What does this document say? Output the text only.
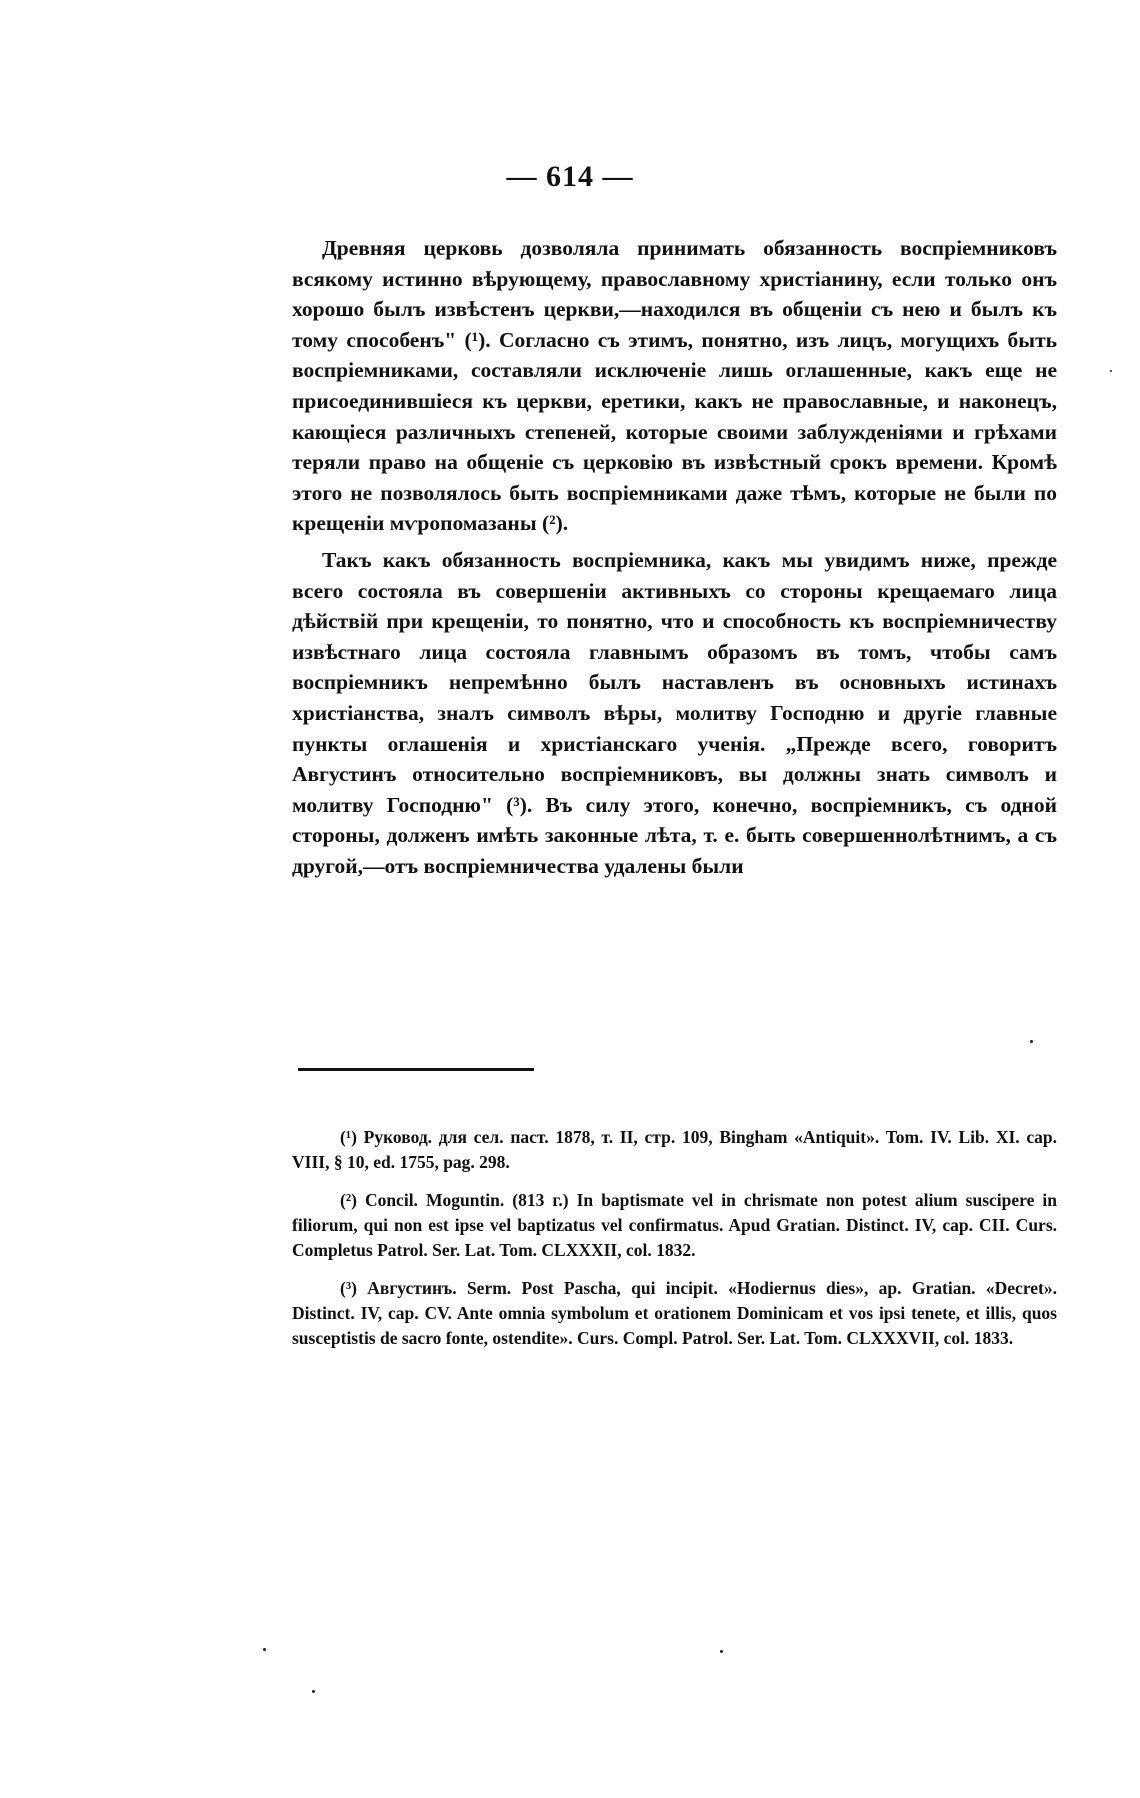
— 614 —

Древняя церковь дозволяла принимать обязанность воспріемниковъ всякому истинно вѣрующему, православному христіанину, если только онъ хорошо былъ извѣстенъ церкви,—находился въ общеніи съ нею и былъ къ тому способенъ" (¹). Согласно съ этимъ, понятно, изъ лицъ, могущихъ быть воспріемниками, составляли исключеніе лишь оглашенные, какъ еще не присоединившіеся къ церкви, еретики, какъ не православные, и наконецъ, кающіеся различныхъ степеней, которые своими заблужденіями и грѣхами теряли право на общеніе съ церковію въ извѣстный срокъ времени. Кромѣ этого не позволялось быть воспріемниками даже тѣмъ, которые не были по крещеніи мѵропомазаны (²).

Такъ какъ обязанность воспріемника, какъ мы увидимъ ниже, прежде всего состояла въ совершеніи активныхъ со стороны крещаемаго лица дѣйствій при крещеніи, то понятно, что и способность къ воспріемничеству извѣстнаго лица состояла главнымъ образомъ въ томъ, чтобы самъ воспріемникъ непремѣнно былъ наставленъ въ основныхъ истинахъ христіанства, зналъ символъ вѣры, молитву Господню и другіе главные пункты оглашенія и христіанскаго ученія. „Прежде всего, говоритъ Августинъ относительно воспріемниковъ, вы должны знать символъ и молитву Господню" (³). Въ силу этого, конечно, воспріемникъ, съ одной стороны, долженъ имѣть законные лѣта, т. е. быть совершеннолѣтнимъ, а съ другой,—отъ воспріемничества удалены были

(¹) Руковод. для сел. паст. 1878, т. II, стр. 109, Bingham «Antiquit». Tom. IV. Lib. XI. cap. VIII, § 10, ed. 1755, pag. 298.

(²) Concil. Moguntin. (813 г.) In baptismate vel in chrismate non potest alium suscipere in filiorum, qui non est ipse vel baptizatus vel confirmatus. Apud Gratian. Distinct. IV, cap. CII. Curs. Completus Patrol. Ser. Lat. Tom. CLXXXII, col. 1832.

(³) Августинъ. Serm. Post Pascha, qui incipit. «Hodiernus dies», ap. Gratian. «Decret». Distinct. IV, cap. CV. Ante omnia symbolum et orationem Dominicam et vos ipsi tenete, et illis, quos susceptistis de sacro fonte, ostendite». Curs. Compl. Patrol. Ser. Lat. Tom. CLXXXVII, col. 1833.
